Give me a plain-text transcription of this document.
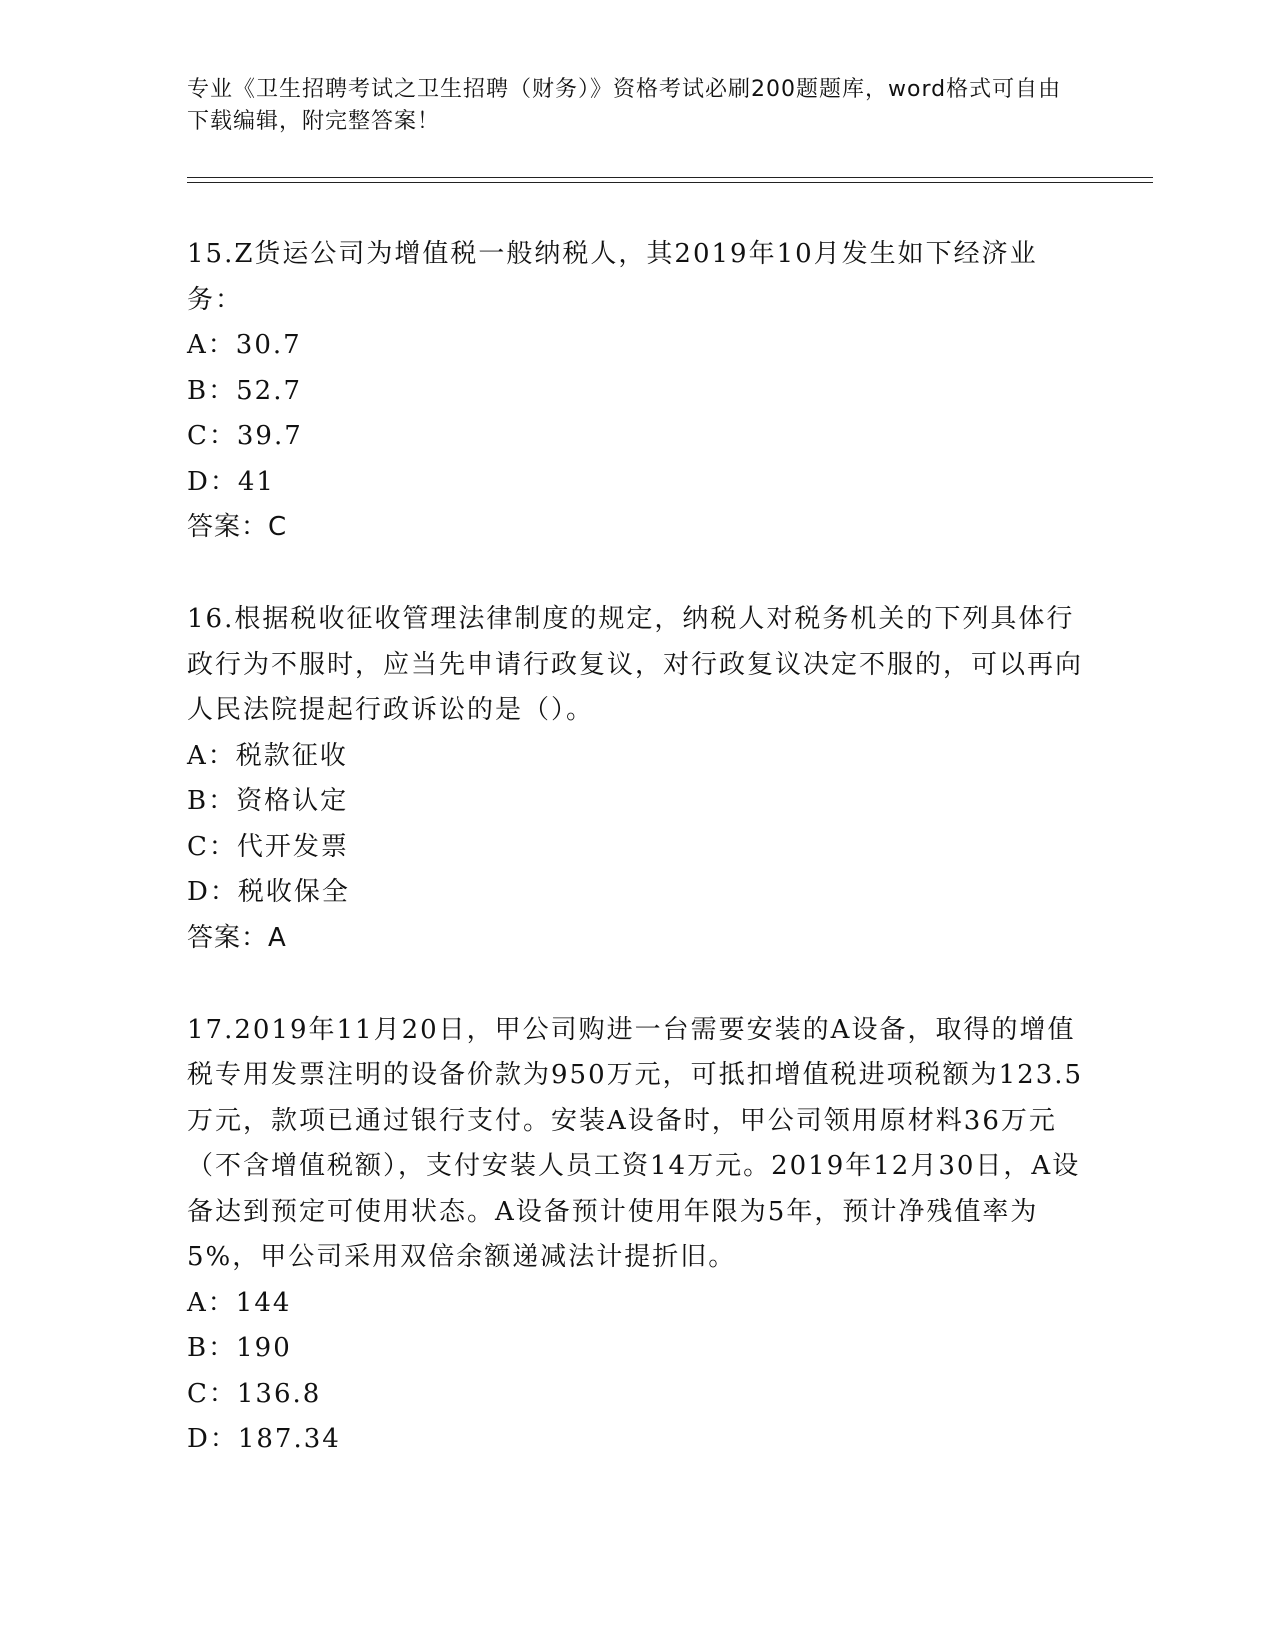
专业《卫生招聘考试之卫生招聘（财务）》资格考试必刷200题题库，word格式可自由下载编辑，附完整答案！
15.Z货运公司为增值税一般纳税人，其2019年10月发生如下经济业务：
A：30.7
B：52.7
C：39.7
D：41
答案：C
16.根据税收征收管理法律制度的规定，纳税人对税务机关的下列具体行政行为不服时，应当先申请行政复议，对行政复议决定不服的，可以再向人民法院提起行政诉讼的是（）。
A：税款征收
B：资格认定
C：代开发票
D：税收保全
答案：A
17.2019年11月20日，甲公司购进一台需要安装的A设备，取得的增值税专用发票注明的设备价款为950万元，可抵扣增值税进项税额为123.5万元，款项已通过银行支付。安装A设备时，甲公司领用原材料36万元（不含增值税额），支付安装人员工资14万元。2019年12月30日，A设备达到预定可使用状态。A设备预计使用年限为5年，预计净残值率为5%，甲公司采用双倍余额递减法计提折旧。
A：144
B：190
C：136.8
D：187.34
